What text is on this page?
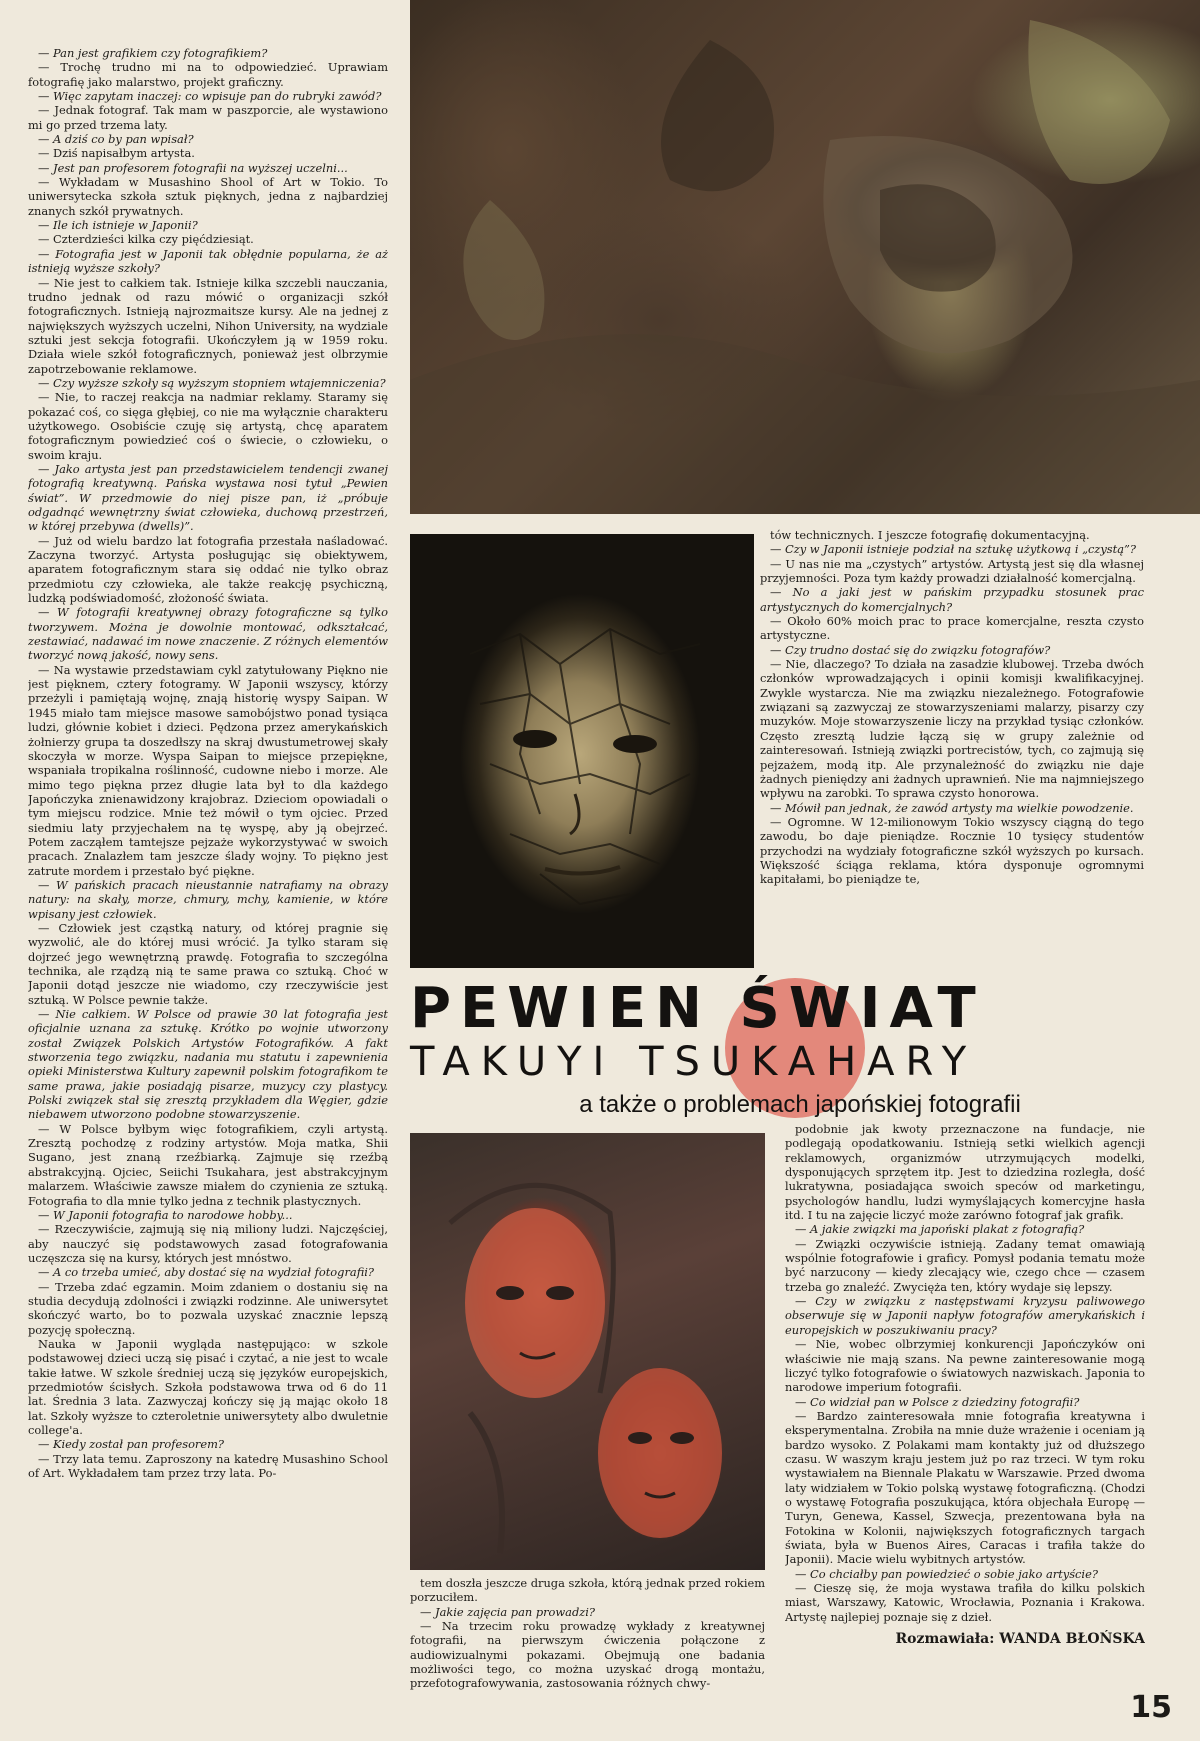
PEWIEN ŚWIAT
TAKUYI TSUKAHARY
a także o problemach japońskiej fotografii

— Pan jest grafikiem czy fotografikiem?

— Trochę trudno mi na to odpowiedzieć. Uprawiam fotografię jako malarstwo, projekt graficzny.

— Więc zapytam inaczej: co wpisuje pan do rubryki zawód?

— Jednak fotograf. Tak mam w paszporcie, ale wystawiono mi go przed trzema laty.

— A dziś co by pan wpisał?

— Dziś napisałbym artysta.

— Jest pan profesorem fotografii na wyższej uczelni...

— Wykładam w Musashino Shool of Art w Tokio. To uniwersytecka szkoła sztuk pięknych, jedna z najbardziej znanych szkół prywatnych.

— Ile ich istnieje w Japonii?

— Czterdzieści kilka czy pięćdziesiąt.

— Fotografia jest w Japonii tak obłędnie popularna, że aż istnieją wyższe szkoły?

— Nie jest to całkiem tak. Istnieje kilka szczebli nauczania, trudno jednak od razu mówić o organizacji szkół fotograficznych. Istnieją najrozmaitsze kursy. Ale na jednej z największych wyższych uczelni, Nihon University, na wydziale sztuki jest sekcja fotografii. Ukończyłem ją w 1959 roku. Działa wiele szkół fotograficznych, ponieważ jest olbrzymie zapotrzebowanie reklamowe.

— Czy wyższe szkoły są wyższym stopniem wtajemniczenia?

— Nie, to raczej reakcja na nadmiar reklamy. Staramy się pokazać coś, co sięga głębiej, co nie ma wyłącznie charakteru użytkowego. Osobiście czuję się artystą, chcę aparatem fotograficznym powiedzieć coś o świecie, o człowieku, o swoim kraju.

— Jako artysta jest pan przedstawicielem tendencji zwanej fotografią kreatywną. Pańska wystawa nosi tytuł „Pewien świat”. W przedmowie do niej pisze pan, iż „próbuje odgadnąć wewnętrzny świat człowieka, duchową przestrzeń, w której przebywa (dwells)”.

— Już od wielu bardzo lat fotografia przestała naśladować. Zaczyna tworzyć. Artysta posługując się obiektywem, aparatem fotograficznym stara się oddać nie tylko obraz przedmiotu czy człowieka, ale także reakcję psychiczną, ludzką podświadomość, złożoność świata.

— W fotografii kreatywnej obrazy fotograficzne są tylko tworzywem. Można je dowolnie montować, odkształcać, zestawiać, nadawać im nowe znaczenie. Z różnych elementów tworzyć nową jakość, nowy sens.

— Na wystawie przedstawiam cykl zatytułowany Piękno nie jest pięknem, cztery fotogramy. W Japonii wszyscy, którzy przeżyli i pamiętają wojnę, znają historię wyspy Saipan. W 1945 miało tam miejsce masowe samobójstwo ponad tysiąca ludzi, głównie kobiet i dzieci. Pędzona przez amerykańskich żołnierzy grupa ta doszedłszy na skraj dwustumetrowej skały skoczyła w morze. Wyspa Saipan to miejsce przepiękne, wspaniała tropikalna roślinność, cudowne niebo i morze. Ale mimo tego piękna przez długie lata był to dla każdego Japończyka znienawidzony krajobraz. Dzieciom opowiadali o tym miejscu rodzice. Mnie też mówił o tym ojciec. Przed siedmiu laty przyjechałem na tę wyspę, aby ją obejrzeć. Potem zacząłem tamtejsze pejzaże wykorzystywać w swoich pracach. Znalazłem tam jeszcze ślady wojny. To piękno jest zatrute mordem i przestało być piękne.

— W pańskich pracach nieustannie natrafiamy na obrazy natury: na skały, morze, chmury, mchy, kamienie, w które wpisany jest człowiek.

— Człowiek jest cząstką natury, od której pragnie się wyzwolić, ale do której musi wrócić. Ja tylko staram się dojrzeć jego wewnętrzną prawdę. Fotografia to szczególna technika, ale rządzą nią te same prawa co sztuką. Choć w Japonii dotąd jeszcze nie wiadomo, czy rzeczywiście jest sztuką. W Polsce pewnie także.

— Nie całkiem. W Polsce od prawie 30 lat fotografia jest oficjalnie uznana za sztukę. Krótko po wojnie utworzony został Związek Polskich Artystów Fotografików. A fakt stworzenia tego związku, nadania mu statutu i zapewnienia opieki Ministerstwa Kultury zapewnił polskim fotografikom te same prawa, jakie posiadają pisarze, muzycy czy plastycy. Polski związek stał się zresztą przykładem dla Węgier, gdzie niebawem utworzono podobne stowarzyszenie.

— W Polsce byłbym więc fotografikiem, czyli artystą. Zresztą pochodzę z rodziny artystów. Moja matka, Shii Sugano, jest znaną rzeźbiarką. Zajmuje się rzeźbą abstrakcyjną. Ojciec, Seiichi Tsukahara, jest abstrakcyjnym malarzem. Właściwie zawsze miałem do czynienia ze sztuką. Fotografia to dla mnie tylko jedna z technik plastycznych.

— W Japonii fotografia to narodowe hobby...

— Rzeczywiście, zajmują się nią miliony ludzi. Najczęściej, aby nauczyć się podstawowych zasad fotografowania uczęszcza się na kursy, których jest mnóstwo.

— A co trzeba umieć, aby dostać się na wydział fotografii?

— Trzeba zdać egzamin. Moim zdaniem o dostaniu się na studia decydują zdolności i związki rodzinne. Ale uniwersytet skończyć warto, bo to pozwala uzyskać znacznie lepszą pozycję społeczną.

Nauka w Japonii wygląda następująco: w szkole podstawowej dzieci uczą się pisać i czytać, a nie jest to wcale takie łatwe. W szkole średniej uczą się języków europejskich, przedmiotów ścisłych. Szkoła podstawowa trwa od 6 do 11 lat. Średnia 3 lata. Zazwyczaj kończy się ją mając około 18 lat. Szkoły wyższe to czteroletnie uniwersytety albo dwuletnie college'a.

— Kiedy został pan profesorem?

— Trzy lata temu. Zaproszony na katedrę Musashino School of Art. Wykładałem tam przez trzy lata. Po-

tów technicznych. I jeszcze fotografię dokumentacyjną.

— Czy w Japonii istnieje podział na sztukę użytkową i „czystą”?

— U nas nie ma „czystych” artystów. Artystą jest się dla własnej przyjemności. Poza tym każdy prowadzi działalność komercjalną.

— No a jaki jest w pańskim przypadku stosunek prac artystycznych do komercjalnych?

— Około 60% moich prac to prace komercjalne, reszta czysto artystyczne.

— Czy trudno dostać się do związku fotografów?

— Nie, dlaczego? To działa na zasadzie klubowej. Trzeba dwóch członków wprowadzających i opinii komisji kwalifikacyjnej. Zwykle wystarcza. Nie ma związku niezależnego. Fotografowie związani są zazwyczaj ze stowarzyszeniami malarzy, pisarzy czy muzyków. Moje stowarzyszenie liczy na przykład tysiąc członków. Często zresztą ludzie łączą się w grupy zależnie od zainteresowań. Istnieją związki portrecistów, tych, co zajmują się pejzażem, modą itp. Ale przynależność do związku nie daje żadnych pieniędzy ani żadnych uprawnień. Nie ma najmniejszego wpływu na zarobki. To sprawa czysto honorowa.

— Mówił pan jednak, że zawód artysty ma wielkie powodzenie.

— Ogromne. W 12-milionowym Tokio wszyscy ciągną do tego zawodu, bo daje pieniądze. Rocznie 10 tysięcy studentów przychodzi na wydziały fotograficzne szkół wyższych po kursach. Większość ściąga reklama, która dysponuje ogromnymi kapitałami, bo pieniądze te,

tem doszła jeszcze druga szkoła, którą jednak przed rokiem porzuciłem.

— Jakie zajęcia pan prowadzi?

— Na trzecim roku prowadzę wykłady z kreatywnej fotografii, na pierwszym ćwiczenia połączone z audiowizualnymi pokazami. Obejmują one badania możliwości tego, co można uzyskać drogą montażu, przefotografowywania, zastosowania różnych chwy-

podobnie jak kwoty przeznaczone na fundacje, nie podlegają opodatkowaniu. Istnieją setki wielkich agencji reklamowych, organizmów utrzymujących modelki, dysponujących sprzętem itp. Jest to dziedzina rozległa, dość lukratywna, posiadająca swoich speców od marketingu, psychologów handlu, ludzi wymyślających komercyjne hasła itd. I tu na zajęcie liczyć może zarówno fotograf jak grafik.

— A jakie związki ma japoński plakat z fotografią?

— Związki oczywiście istnieją. Zadany temat omawiają wspólnie fotografowie i graficy. Pomysł podania tematu może być narzucony — kiedy zlecający wie, czego chce — czasem trzeba go znaleźć. Zwycięża ten, który wydaje się lepszy.

— Czy w związku z następstwami kryzysu paliwowego obserwuje się w Japonii napływ fotografów amerykańskich i europejskich w poszukiwaniu pracy?

— Nie, wobec olbrzymiej konkurencji Japończyków oni właściwie nie mają szans. Na pewne zainteresowanie mogą liczyć tylko fotografowie o światowych nazwiskach. Japonia to narodowe imperium fotografii.

— Co widział pan w Polsce z dziedziny fotografii?

— Bardzo zainteresowała mnie fotografia kreatywna i eksperymentalna. Zrobiła na mnie duże wrażenie i oceniam ją bardzo wysoko. Z Polakami mam kontakty już od dłuższego czasu. W waszym kraju jestem już po raz trzeci. W tym roku wystawiałem na Biennale Plakatu w Warszawie. Przed dwoma laty widziałem w Tokio polską wystawę fotograficzną. (Chodzi o wystawę Fotografia poszukująca, która objechała Europę — Turyn, Genewa, Kassel, Szwecja, prezentowana była na Fotokina w Kolonii, największych fotograficznych targach świata, była w Buenos Aires, Caracas i trafiła także do Japonii). Macie wielu wybitnych artystów.

— Co chciałby pan powiedzieć o sobie jako artyście?

— Cieszę się, że moja wystawa trafiła do kilku polskich miast, Warszawy, Katowic, Wrocławia, Poznania i Krakowa. Artystę najlepiej poznaje się z dzieł.

Rozmawiała: WANDA BŁOŃSKA

15
